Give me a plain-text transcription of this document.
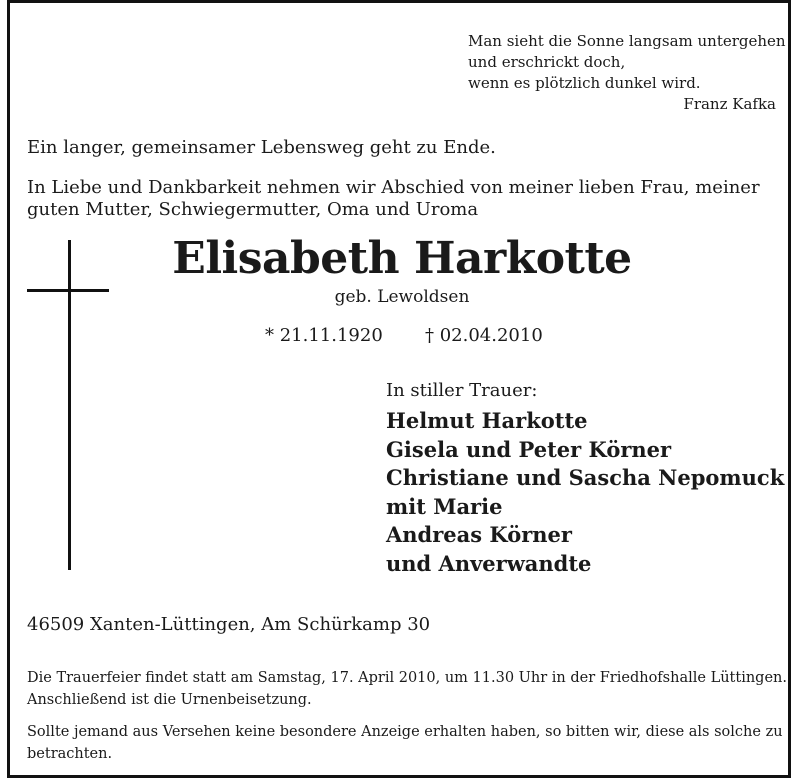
Man sieht die Sonne langsam untergehen
und erschrickt doch,
wenn es plötzlich dunkel wird.
Franz Kafka
Ein langer, gemeinsamer Lebensweg geht zu Ende.
In Liebe und Dankbarkeit nehmen wir Abschied von meiner lieben Frau, meiner guten Mutter, Schwiegermutter, Oma und Uroma
Elisabeth Harkotte
geb. Lewoldsen
* 21.11.1920 † 02.04.2010
In stiller Trauer:
Helmut Harkotte
Gisela und Peter Körner
Christiane und Sascha Nepomuck
mit Marie
Andreas Körner
und Anverwandte
46509 Xanten-Lüttingen, Am Schürkamp 30
Die Trauerfeier findet statt am Samstag, 17. April 2010, um 11.30 Uhr in der Friedhofshalle Lüttingen. Anschließend ist die Urnenbeisetzung.
Sollte jemand aus Versehen keine besondere Anzeige erhalten haben, so bitten wir, diese als solche zu betrachten.
